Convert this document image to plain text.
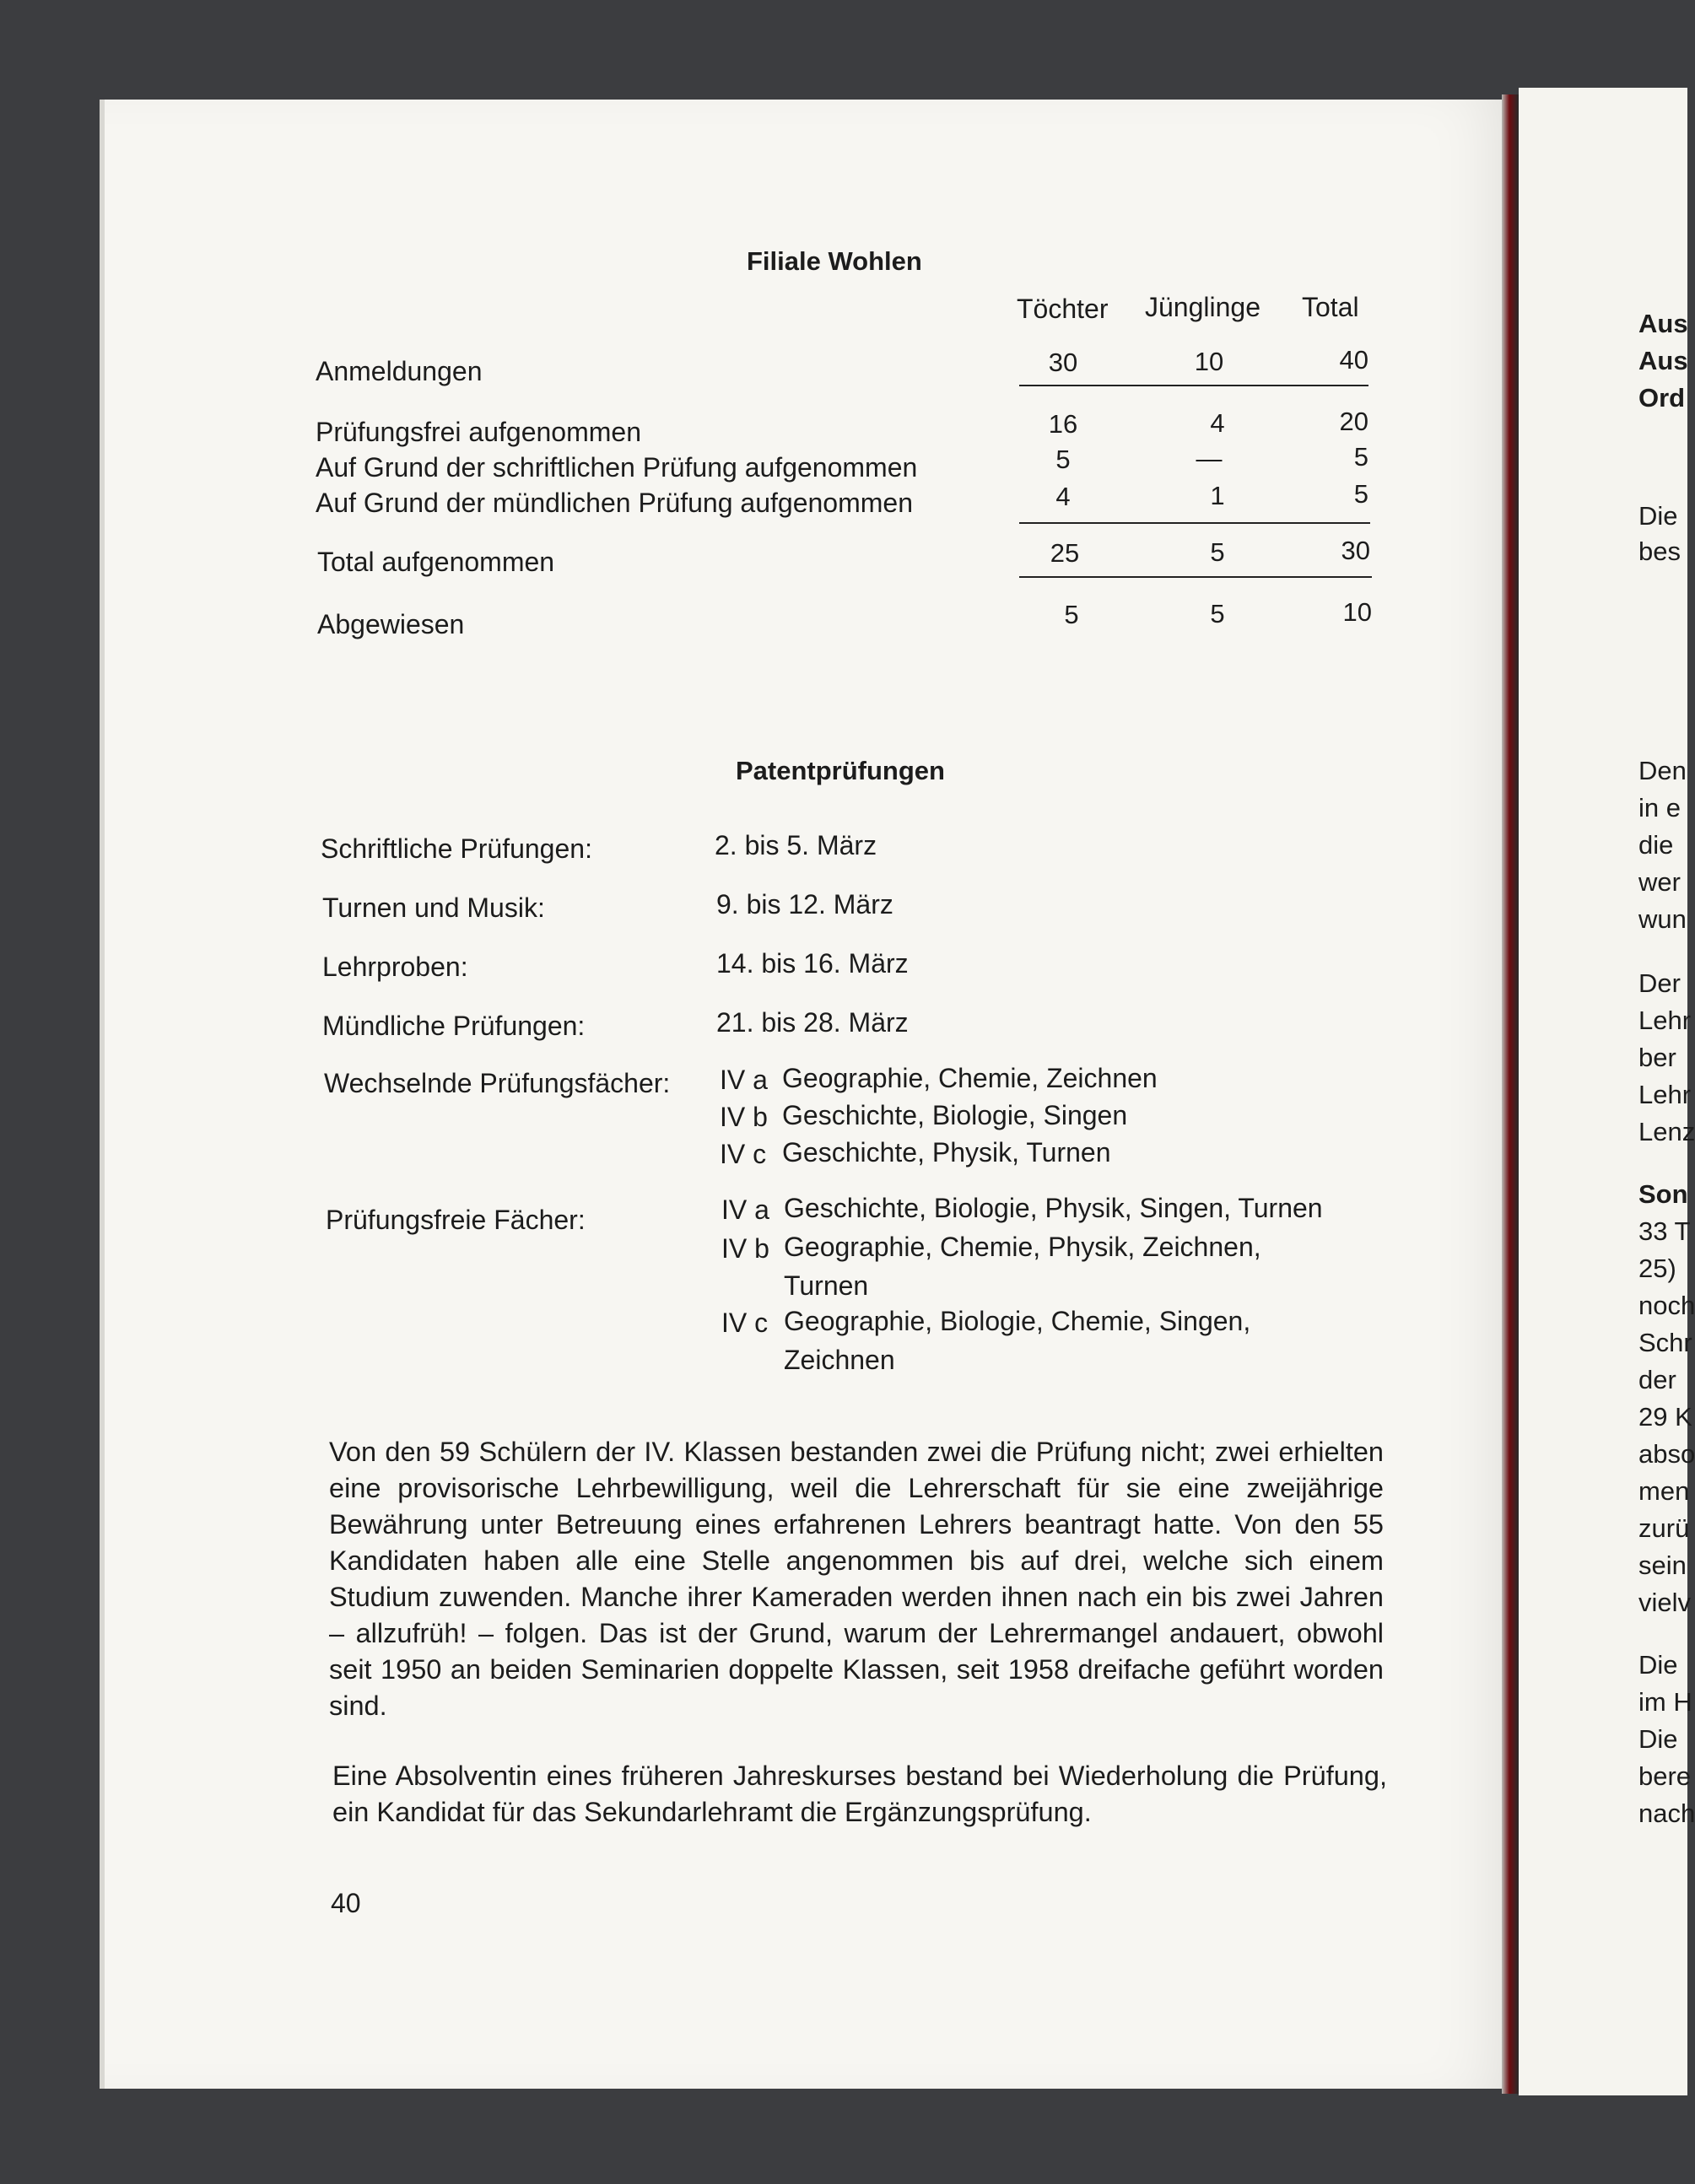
Filiale Wohlen
Töchter Jünglinge Total
Anmeldungen	30	10	40
Prüfungsfrei aufgenommen	16	4	20
Auf Grund der schriftlichen Prüfung aufgenommen	5	—	5
Auf Grund der mündlichen Prüfung aufgenommen	4	1	5
Total aufgenommen	25	5	30
Abgewiesen	5	5	10
Patentprüfungen
Schriftliche Prüfungen:	2. bis 5. März
Turnen und Musik:	9. bis 12. März
Lehrproben:	14. bis 16. März
Mündliche Prüfungen:	21. bis 28. März
Wechselnde Prüfungsfächer: IV a Geographie, Chemie, Zeichnen
IV b Geschichte, Biologie, Singen
IV c Geschichte, Physik, Turnen
Prüfungsfreie Fächer:	IV a Geschichte, Biologie, Physik, Singen, Turnen
IV b Geographie, Chemie, Physik, Zeichnen,
Turnen
IV c Geographie, Biologie, Chemie, Singen,
Zeichnen
Von den 59 Schülern der IV. Klassen bestanden zwei die Prüfung nicht; zwei erhielten eine provisorische Lehrbewilligung, weil die Lehrerschaft für sie eine zweijährige Bewährung unter Betreuung eines erfahrenen Lehrers beantragt hatte. Von den 55 Kandidaten haben alle eine Stelle angenommen bis auf drei, welche sich einem Studium zuwenden. Manche ihrer Kameraden werden ihnen nach ein bis zwei Jahren – allzufrüh! – folgen. Das ist der Grund, warum der Lehrermangel andauert, obwohl seit 1950 an beiden Seminarien doppelte Klassen, seit 1958 dreifache geführt worden sind.
Eine Absolventin eines früheren Jahreskurses bestand bei Wiederholung die Prüfung, ein Kandidat für das Sekundarlehramt die Ergänzungsprüfung.
40
Aus
Aus
Ord
Die
bes
Den
in e
die
wer
wun
Der
Lehr
ber
Lehr
Lenz
Son
33 T
25)
noch
Schr
der
29 K
abso
men
zurü
sein
vielv
Die
im H
Die
bere
nach
